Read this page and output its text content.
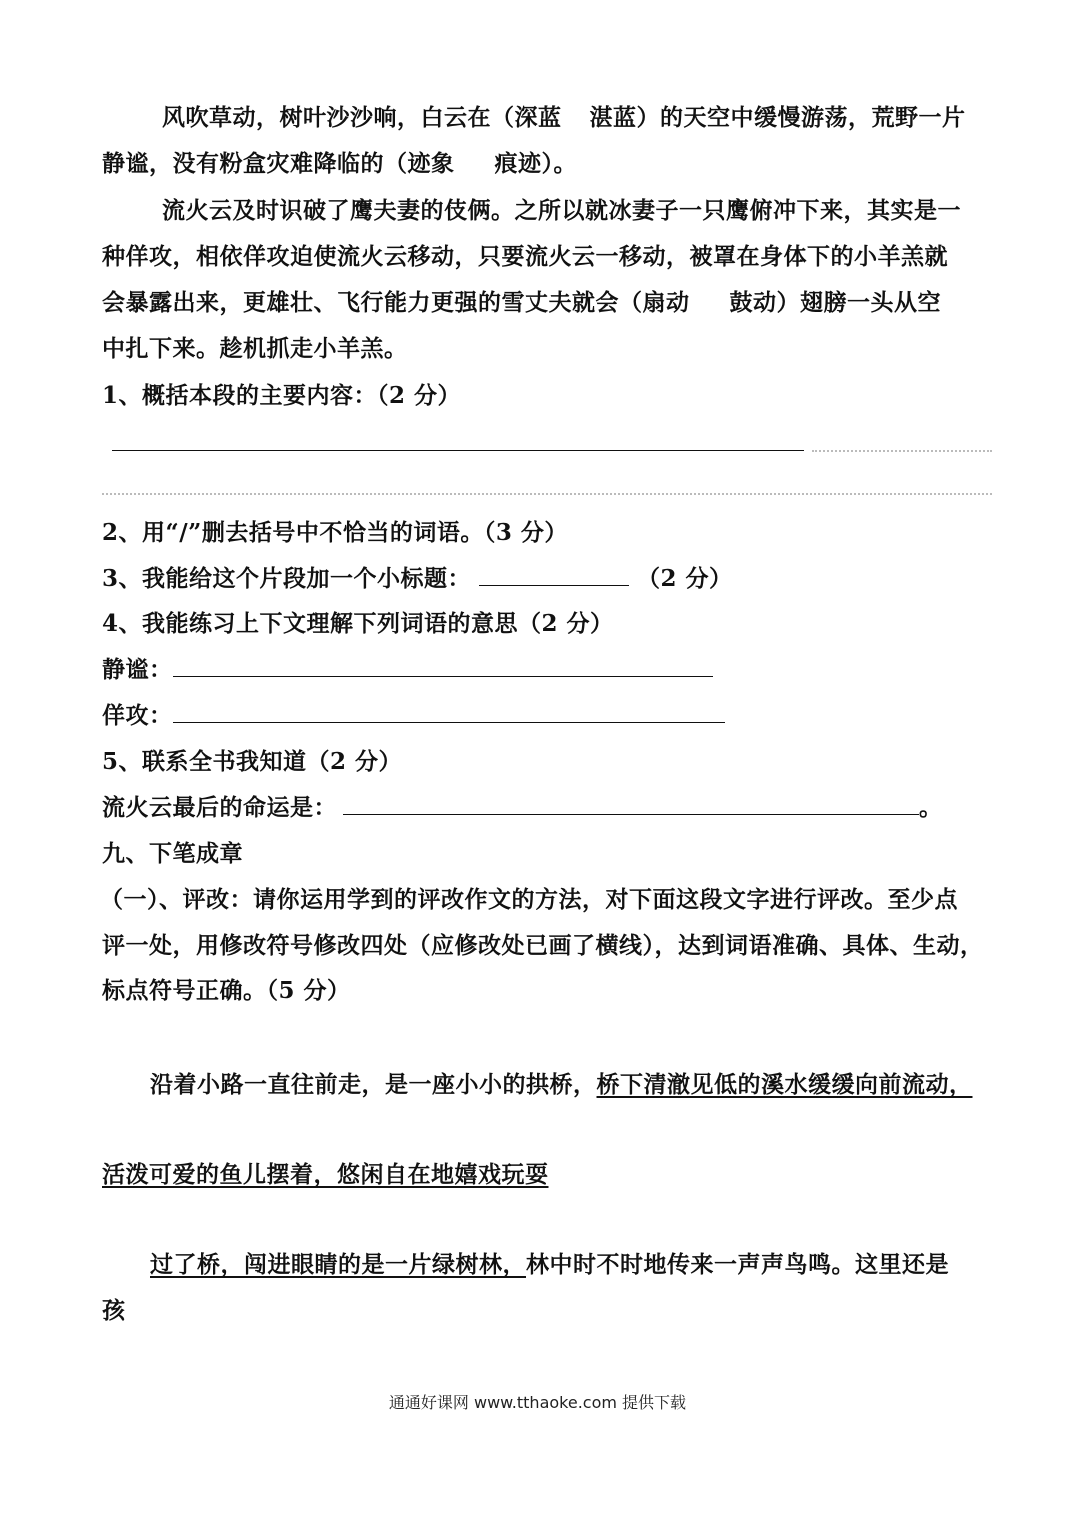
风吹草动，树叶沙沙响，白云在（深蓝 湛蓝）的天空中缓慢游荡，荒野一片
静谧，没有粉盒灾难降临的（迹象 痕迹）。
流火云及时识破了鹰夫妻的伎俩。之所以就冰妻子一只鹰俯冲下来，其实是一
种佯攻，相依佯攻迫使流火云移动，只要流火云一移动，被罩在身体下的小羊羔就
会暴露出来，更雄壮、飞行能力更强的雪丈夫就会（扇动 鼓动）翅膀一头从空
中扎下来。趁机抓走小羊羔。
1、概括本段的主要内容：（2 分）
2、用“/”删去括号中不恰当的词语。（3 分）
3、我能给这个片段加一个小标题：	（2 分）
4、我能练习上下文理解下列词语的意思（2 分）
静谧：
佯攻：
5、联系全书我知道（2 分）
流火云最后的命运是：	。
九、下笔成章
（一）、评改：请你运用学到的评改作文的方法，对下面这段文字进行评改。至少点
评一处，用修改符号修改四处（应修改处已画了横线），达到词语准确、具体、生动，
标点符号正确。（5 分）
沿着小路一直往前走，是一座小小的拱桥，桥下清澈见低的溪水缓缓向前流动，
活泼可爱的鱼儿摆着，悠闲自在地嬉戏玩耍
过了桥，闯进眼睛的是一片绿树林，林中时不时地传来一声声鸟鸣。这里还是
孩
通通好课网 www.tthaoke.com 提供下载
